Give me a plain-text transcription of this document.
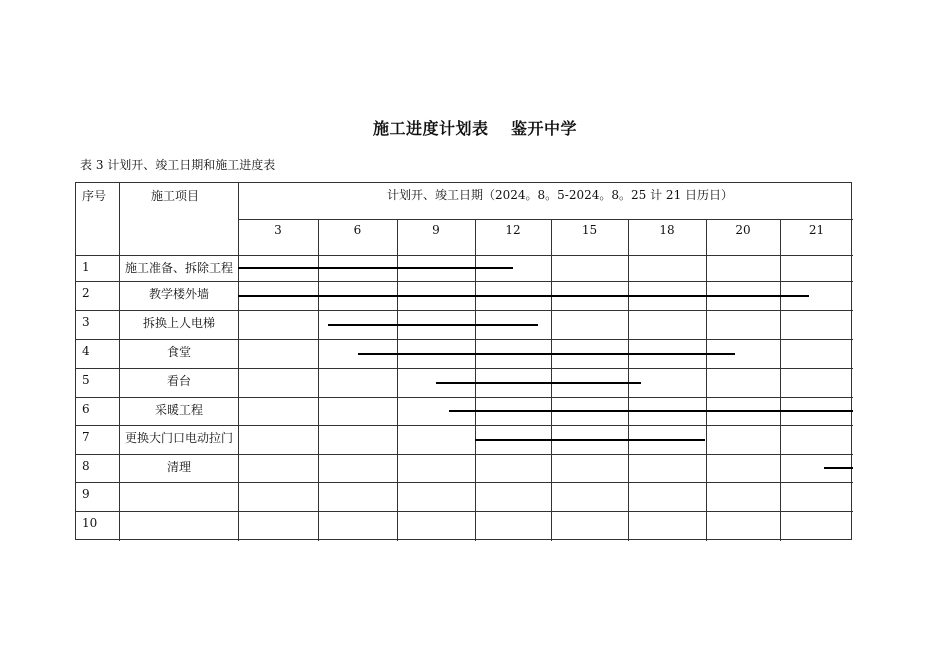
施工进度计划表　 鉴开中学
表 3 计划开、竣工日期和施工进度表
序号	施工项目	计划开、竣工日期（2024。8。5-2024。8。25 计 21 日历日）
3	6	9	12	15	18	20	21
1	施工准备、拆除工程
2	教学楼外墙
3	拆换上人电梯
4	食堂
5	看台
6	采暖工程
7	更换大门口电动拉门
8	清理
9
10
